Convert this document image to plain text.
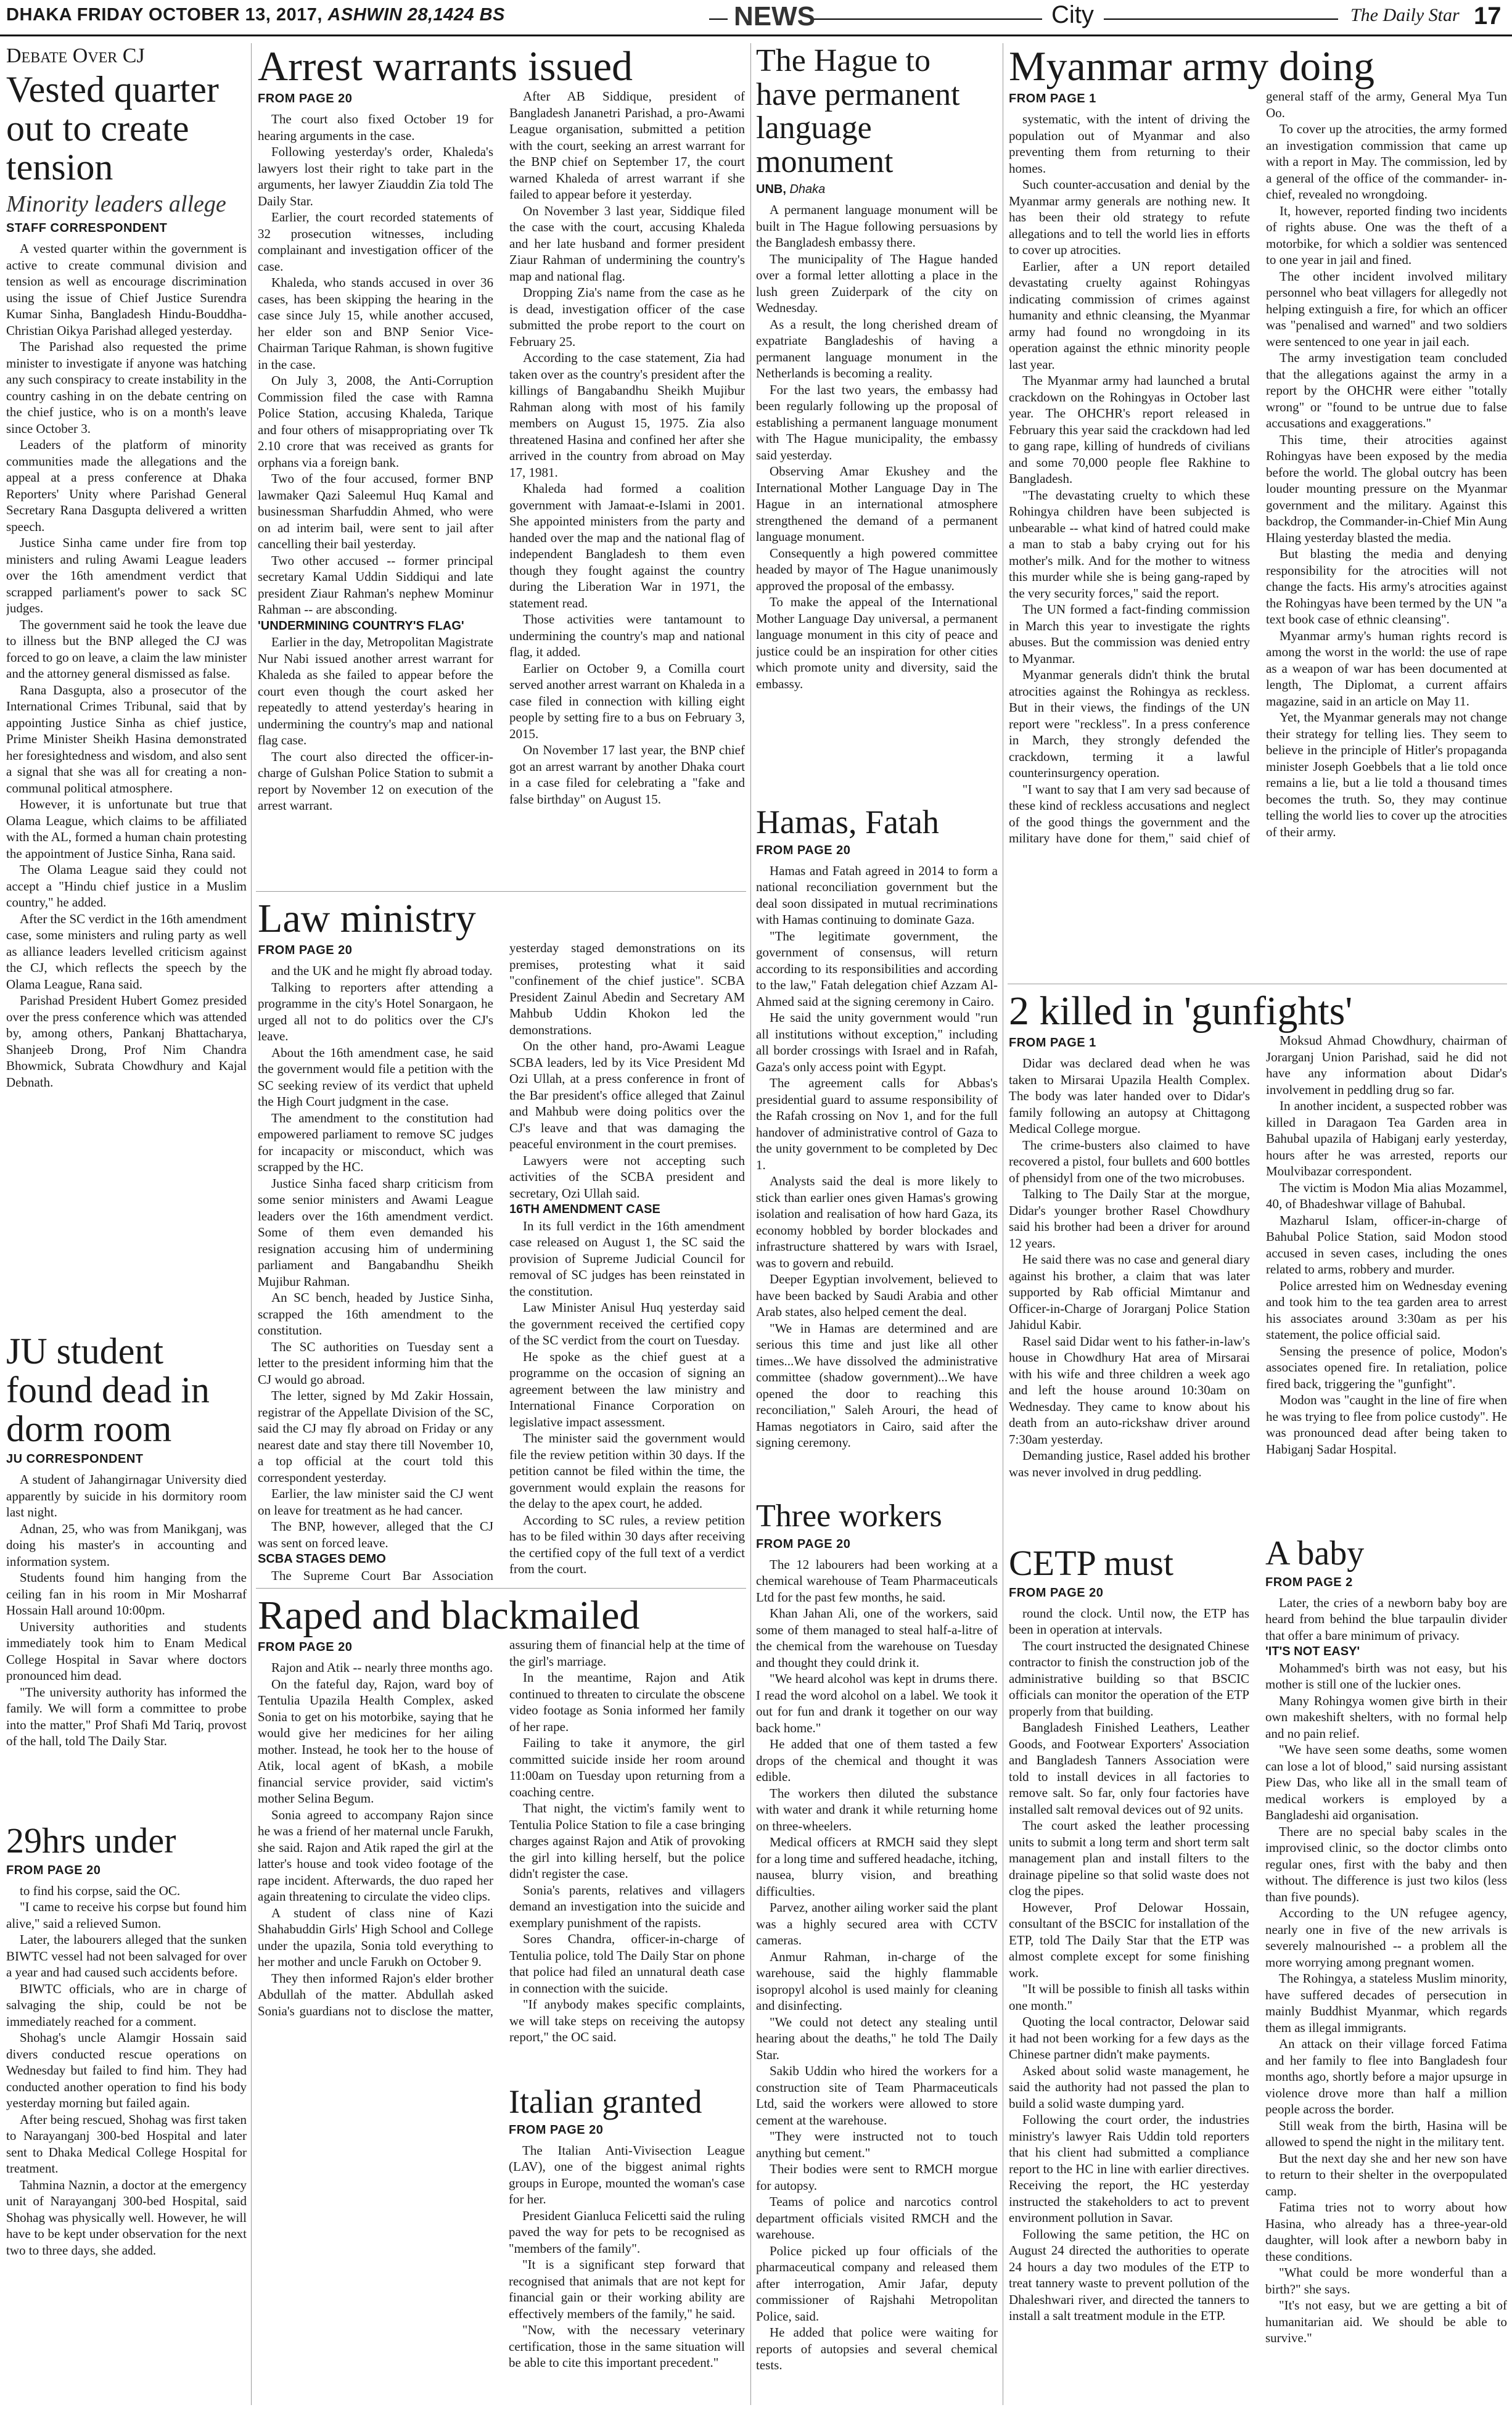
DHAKA FRIDAY OCTOBER 13, 2017, ASHWIN 28,1424 BS	NEWS	City	The Daily Star 17
Debate Over CJ
Vested quarter out to create tension
Minority leaders allege
STAFF CORRESPONDENT

A vested quarter within the government is active to create communal division and tension as well as encourage discrimination using the issue of Chief Justice Surendra Kumar Sinha, Bangladesh Hindu-Bouddha-Christian Oikya Parishad alleged yesterday.

The Parishad also requested the prime minister to investigate if anyone was hatching any such conspiracy to create instability in the country cashing in on the debate centring on the chief justice, who is on a month's leave since October 3.

Leaders of the platform of minority communities made the allegations and the appeal at a press conference at Dhaka Reporters' Unity where Parishad General Secretary Rana Dasgupta delivered a written speech.

Justice Sinha came under fire from top ministers and ruling Awami League leaders over the 16th amendment verdict that scrapped parliament's power to sack SC judges.

The government said he took the leave due to illness but the BNP alleged the CJ was forced to go on leave, a claim the law minister and the attorney general dismissed as false.

Rana Dasgupta, also a prosecutor of the International Crimes Tribunal, said that by appointing Justice Sinha as chief justice, Prime Minister Sheikh Hasina demonstrated her foresightedness and wisdom, and also sent a signal that she was all for creating a non-communal political atmosphere.

However, it is unfortunate but true that Olama League, which claims to be affiliated with the AL, formed a human chain protesting the appointment of Justice Sinha, Rana said.

The Olama League said they could not accept a "Hindu chief justice in a Muslim country," he added.

After the SC verdict in the 16th amendment case, some ministers and ruling party as well as alliance leaders levelled criticism against the CJ, which reflects the speech by the Olama League, Rana said.

Parishad President Hubert Gomez presided over the press conference which was attended by, among others, Pankanj Bhattacharya, Shanjeeb Drong, Prof Nim Chandra Bhowmick, Subrata Chowdhury and Kajal Debnath.

JU student found dead in dorm room
JU CORRESPONDENT

A student of Jahangirnagar University died apparently by suicide in his dormitory room last night.

Adnan, 25, who was from Manikganj, was doing his master's in accounting and information system.

Students found him hanging from the ceiling fan in his room in Mir Mosharraf Hossain Hall around 10:00pm.

University authorities and students immediately took him to Enam Medical College Hospital in Savar where doctors pronounced him dead.

"The university authority has informed the family. We will form a committee to probe into the matter," Prof Shafi Md Tariq, provost of the hall, told The Daily Star.

29hrs under
FROM PAGE 20

to find his corpse, said the OC.

"I came to receive his corpse but found him alive," said a relieved Sumon.

Later, the labourers alleged that the sunken BIWTC vessel had not been salvaged for over a year and had caused such accidents before.

BIWTC officials, who are in charge of salvaging the ship, could be not be immediately reached for a comment.

Shohag's uncle Alamgir Hossain said divers conducted rescue operations on Wednesday but failed to find him. They had conducted another operation to find his body yesterday morning but failed again.

After being rescued, Shohag was first taken to Narayanganj 300-bed Hospital and later sent to Dhaka Medical College Hospital for treatment.

Tahmina Naznin, a doctor at the emergency unit of Narayanganj 300-bed Hospital, said Shohag was physically well. However, he will have to be kept under observation for the next two to three days, she added.

Arrest warrants issued
FROM PAGE 20

The court also fixed October 19 for hearing arguments in the case.

Following yesterday's order, Khaleda's lawyers lost their right to take part in the arguments, her lawyer Ziauddin Zia told The Daily Star.

Earlier, the court recorded statements of 32 prosecution witnesses, including complainant and investigation officer of the case.

Khaleda, who stands accused in over 36 cases, has been skipping the hearing in the case since July 15, while another accused, her elder son and BNP Senior Vice-Chairman Tarique Rahman, is shown fugitive in the case.

On July 3, 2008, the Anti-Corruption Commission filed the case with Ramna Police Station, accusing Khaleda, Tarique and four others of misappropriating over Tk 2.10 crore that was received as grants for orphans via a foreign bank.

Two of the four accused, former BNP lawmaker Qazi Saleemul Huq Kamal and businessman Sharfuddin Ahmed, who were on ad interim bail, were sent to jail after cancelling their bail yesterday.

Two other accused -- former principal secretary Kamal Uddin Siddiqui and late president Ziaur Rahman's nephew Mominur Rahman -- are absconding.

'UNDERMINING COUNTRY'S FLAG'

Earlier in the day, Metropolitan Magistrate Nur Nabi issued another arrest warrant for Khaleda as she failed to appear before the court even though the court asked her repeatedly to attend yesterday's hearing in undermining the country's map and national flag case.

The court also directed the officer-in-charge of Gulshan Police Station to submit a report by November 12 on execution of the arrest warrant.

After AB Siddique, president of Bangladesh Jananetri Parishad, a pro-Awami League organisation, submitted a petition with the court, seeking an arrest warrant for the BNP chief on September 17, the court warned Khaleda of arrest warrant if she failed to appear before it yesterday.

On November 3 last year, Siddique filed the case with the court, accusing Khaleda and her late husband and former president Ziaur Rahman of undermining the country's map and national flag.

Dropping Zia's name from the case as he is dead, investigation officer of the case submitted the probe report to the court on February 25.

According to the case statement, Zia had taken over as the country's president after the killings of Bangabandhu Sheikh Mujibur Rahman along with most of his family members on August 15, 1975. Zia also threatened Hasina and confined her after she arrived in the country from abroad on May 17, 1981.

Khaleda had formed a coalition government with Jamaat-e-Islami in 2001. She appointed ministers from the party and handed over the map and the national flag of independent Bangladesh to them even though they fought against the country during the Liberation War in 1971, the statement read.

Those activities were tantamount to undermining the country's map and national flag, it added.

Earlier on October 9, a Comilla court served another arrest warrant on Khaleda in a case filed in connection with killing eight people by setting fire to a bus on February 3, 2015.

On November 17 last year, the BNP chief got an arrest warrant by another Dhaka court in a case filed for celebrating a "fake and false birthday" on August 15.

Law ministry
FROM PAGE 20

and the UK and he might fly abroad today.

Talking to reporters after attending a programme in the city's Hotel Sonargaon, he urged all not to do politics over the CJ's leave.

About the 16th amendment case, he said the government would file a petition with the SC seeking review of its verdict that upheld the High Court judgment in the case.

The amendment to the constitution had empowered parliament to remove SC judges for incapacity or misconduct, which was scrapped by the HC.

Justice Sinha faced sharp criticism from some senior ministers and Awami League leaders over the 16th amendment verdict. Some of them even demanded his resignation accusing him of undermining parliament and Bangabandhu Sheikh Mujibur Rahman.

An SC bench, headed by Justice Sinha, scrapped the 16th amendment to the constitution.

The SC authorities on Tuesday sent a letter to the president informing him that the CJ would go abroad.

The letter, signed by Md Zakir Hossain, registrar of the Appellate Division of the SC, said the CJ may fly abroad on Friday or any nearest date and stay there till November 10, a top official at the court told this correspondent yesterday.

Earlier, the law minister said the CJ went on leave for treatment as he had cancer.

The BNP, however, alleged that the CJ was sent on forced leave.

SCBA STAGES DEMO

The Supreme Court Bar Association yesterday staged demonstrations on its premises, protesting what it said "confinement of the chief justice". SCBA President Zainul Abedin and Secretary AM Mahbub Uddin Khokon led the demonstrations.

On the other hand, pro-Awami League SCBA leaders, led by its Vice President Md Ozi Ullah, at a press conference in front of the Bar president's office alleged that Zainul and Mahbub were doing politics over the CJ's leave and that was damaging the peaceful environment in the court premises.

Lawyers were not accepting such activities of the SCBA president and secretary, Ozi Ullah said.

16TH AMENDMENT CASE

In its full verdict in the 16th amendment case released on August 1, the SC said the provision of Supreme Judicial Council for removal of SC judges has been reinstated in the constitution.

Law Minister Anisul Huq yesterday said the government received the certified copy of the SC verdict from the court on Tuesday.

He spoke as the chief guest at a programme on the occasion of signing an agreement between the law ministry and International Finance Corporation on legislative impact assessment.

The minister said the government would file the review petition within 30 days. If the petition cannot be filed within the time, the government would explain the reasons for the delay to the apex court, he added.

According to SC rules, a review petition has to be filed within 30 days after receiving the certified copy of the full text of a verdict from the court.

Raped and blackmailed
FROM PAGE 20

Rajon and Atik -- nearly three months ago.

On the fateful day, Rajon, ward boy of Tentulia Upazila Health Complex, asked Sonia to get on his motorbike, saying that he would give her medicines for her ailing mother. Instead, he took her to the house of Atik, local agent of bKash, a mobile financial service provider, said victim's mother Selina Begum.

Sonia agreed to accompany Rajon since he was a friend of her maternal uncle Farukh, she said. Rajon and Atik raped the girl at the latter's house and took video footage of the rape incident. Afterwards, the duo raped her again threatening to circulate the video clips.

A student of class nine of Kazi Shahabuddin Girls' High School and College under the upazila, Sonia told everything to her mother and uncle Farukh on October 9.

They then informed Rajon's elder brother Abdullah of the matter. Abdullah asked Sonia's guardians not to disclose the matter, assuring them of financial help at the time of the girl's marriage.

In the meantime, Rajon and Atik continued to threaten to circulate the obscene video footage as Sonia informed her family of her rape.

Failing to take it anymore, the girl committed suicide inside her room around 11:00am on Tuesday upon returning from a coaching centre.

That night, the victim's family went to Tentulia Police Station to file a case bringing charges against Rajon and Atik of provoking the girl into killing herself, but the police didn't register the case.

Sonia's parents, relatives and villagers demand an investigation into the suicide and exemplary punishment of the rapists.

Sores Chandra, officer-in-charge of Tentulia police, told The Daily Star on phone that police had filed an unnatural death case in connection with the suicide.

"If anybody makes specific complaints, we will take steps on receiving the autopsy report," the OC said.

Italian granted
FROM PAGE 20

The Italian Anti-Vivisection League (LAV), one of the biggest animal rights groups in Europe, mounted the woman's case for her.

President Gianluca Felicetti said the ruling paved the way for pets to be recognised as "members of the family".

"It is a significant step forward that recognised that animals that are not kept for financial gain or their working ability are effectively members of the family," he said.

"Now, with the necessary veterinary certification, those in the same situation will be able to cite this important precedent."

The Hague to have permanent language monument
UNB, Dhaka

A permanent language monument will be built in The Hague following persuasions by the Bangladesh embassy there.

The municipality of The Hague handed over a formal letter allotting a place in the lush green Zuiderpark of the city on Wednesday.

As a result, the long cherished dream of expatriate Bangladeshis of having a permanent language monument in the Netherlands is becoming a reality.

For the last two years, the embassy had been regularly following up the proposal of establishing a permanent language monument with The Hague municipality, the embassy said yesterday.

Observing Amar Ekushey and the International Mother Language Day in The Hague in an international atmosphere strengthened the demand of a permanent language monument.

Consequently a high powered committee headed by mayor of The Hague unanimously approved the proposal of the embassy.

To make the appeal of the International Mother Language Day universal, a permanent language monument in this city of peace and justice could be an inspiration for other cities which promote unity and diversity, said the embassy.

Hamas, Fatah
FROM PAGE 20

Hamas and Fatah agreed in 2014 to form a national reconciliation government but the deal soon dissipated in mutual recriminations with Hamas continuing to dominate Gaza.

"The legitimate government, the government of consensus, will return according to its responsibilities and according to the law," Fatah delegation chief Azzam Al-Ahmed said at the signing ceremony in Cairo.

He said the unity government would "run all institutions without exception," including all border crossings with Israel and in Rafah, Gaza's only access point with Egypt.

The agreement calls for Abbas's presidential guard to assume responsibility of the Rafah crossing on Nov 1, and for the full handover of administrative control of Gaza to the unity government to be completed by Dec 1.

Analysts said the deal is more likely to stick than earlier ones given Hamas's growing isolation and realisation of how hard Gaza, its economy hobbled by border blockades and infrastructure shattered by wars with Israel, was to govern and rebuild.

Deeper Egyptian involvement, believed to have been backed by Saudi Arabia and other Arab states, also helped cement the deal.

"We in Hamas are determined and are serious this time and just like all other times...We have dissolved the administrative committee (shadow government)...We have opened the door to reaching this reconciliation," Saleh Arouri, the head of Hamas negotiators in Cairo, said after the signing ceremony.

Three workers
FROM PAGE 20

The 12 labourers had been working at a chemical warehouse of Team Pharmaceuticals Ltd for the past few months, he said.

Khan Jahan Ali, one of the workers, said some of them managed to steal half-a-litre of the chemical from the warehouse on Tuesday and thought they could drink it.

"We heard alcohol was kept in drums there. I read the word alcohol on a label. We took it out for fun and drank it together on our way back home."

He added that one of them tasted a few drops of the chemical and thought it was edible.

The workers then diluted the substance with water and drank it while returning home on three-wheelers.

Medical officers at RMCH said they slept for a long time and suffered headache, itching, nausea, blurry vision, and breathing difficulties.

Parvez, another ailing worker said the plant was a highly secured area with CCTV cameras.

Anmur Rahman, in-charge of the warehouse, said the highly flammable isopropyl alcohol is used mainly for cleaning and disinfecting.

"We could not detect any stealing until hearing about the deaths," he told The Daily Star.

Sakib Uddin who hired the workers for a construction site of Team Pharmaceuticals Ltd, said the workers were allowed to store cement at the warehouse.

"They were instructed not to touch anything but cement."

Their bodies were sent to RMCH morgue for autopsy.

Teams of police and narcotics control department officials visited RMCH and the warehouse.

Police picked up four officials of the pharmaceutical company and released them after interrogation, Amir Jafar, deputy commissioner of Rajshahi Metropolitan Police, said.

He added that police were waiting for reports of autopsies and several chemical tests.

Myanmar army doing
FROM PAGE 1

systematic, with the intent of driving the population out of Myanmar and also preventing them from returning to their homes.

Such counter-accusation and denial by the Myanmar army generals are nothing new. It has been their old strategy to refute allegations and to tell the world lies in efforts to cover up atrocities.

Earlier, after a UN report detailed devastating cruelty against Rohingyas indicating commission of crimes against humanity and ethnic cleansing, the Myanmar army had found no wrongdoing in its operation against the ethnic minority people last year.

The Myanmar army had launched a brutal crackdown on the Rohingyas in October last year. The OHCHR's report released in February this year said the crackdown had led to gang rape, killing of hundreds of civilians and some 70,000 people flee Rakhine to Bangladesh.

"The devastating cruelty to which these Rohingya children have been subjected is unbearable -- what kind of hatred could make a man to stab a baby crying out for his mother's milk. And for the mother to witness this murder while she is being gang-raped by the very security forces," said the report.

The UN formed a fact-finding commission in March this year to investigate the rights abuses. But the commission was denied entry to Myanmar.

Myanmar generals didn't think the brutal atrocities against the Rohingya as reckless. But in their views, the findings of the UN report were "reckless". In a press conference in March, they strongly defended the crackdown, terming it a lawful counterinsurgency operation.

"I want to say that I am very sad because of these kind of reckless accusations and neglect of the good things the government and the military have done for them," said chief of general staff of the army, General Mya Tun Oo.

To cover up the atrocities, the army formed an investigation commission that came up with a report in May. The commission, led by a general of the office of the commander- in-chief, revealed no wrongdoing.

It, however, reported finding two incidents of rights abuse. One was the theft of a motorbike, for which a soldier was sentenced to one year in jail and fined.

The other incident involved military personnel who beat villagers for allegedly not helping extinguish a fire, for which an officer was "penalised and warned" and two soldiers were sentenced to one year in jail each.

The army investigation team concluded that the allegations against the army in a report by the OHCHR were either "totally wrong" or "found to be untrue due to false accusations and exaggerations."

This time, their atrocities against Rohingyas have been exposed by the media before the world. The global outcry has been louder mounting pressure on the Myanmar government and the military. Against this backdrop, the Commander-in-Chief Min Aung Hlaing yesterday blasted the media.

But blasting the media and denying responsibility for the atrocities will not change the facts. His army's atrocities against the Rohingyas have been termed by the UN "a text book case of ethnic cleansing".

Myanmar army's human rights record is among the worst in the world: the use of rape as a weapon of war has been documented at length, The Diplomat, a current affairs magazine, said in an article on May 11.

Yet, the Myanmar generals may not change their strategy for telling lies. They seem to believe in the principle of Hitler's propaganda minister Joseph Goebbels that a lie told once remains a lie, but a lie told a thousand times becomes the truth. So, they may continue telling the world lies to cover up the atrocities of their army.

2 killed in 'gunfights'
FROM PAGE 1

Didar was declared dead when he was taken to Mirsarai Upazila Health Complex. The body was later handed over to Didar's family following an autopsy at Chittagong Medical College morgue.

The crime-busters also claimed to have recovered a pistol, four bullets and 600 bottles of phensidyl from one of the two microbuses.

Talking to The Daily Star at the morgue, Didar's younger brother Rasel Chowdhury said his brother had been a driver for around 12 years.

He said there was no case and general diary against his brother, a claim that was later supported by Rab official Mimtanur and Officer-in-Charge of Jorarganj Police Station Jahidul Kabir.

Rasel said Didar went to his father-in-law's house in Chowdhury Hat area of Mirsarai with his wife and three children a week ago and left the house around 10:30am on Wednesday. They came to know about his death from an auto-rickshaw driver around 7:30am yesterday.

Demanding justice, Rasel added his brother was never involved in drug peddling.

Moksud Ahmad Chowdhury, chairman of Jorarganj Union Parishad, said he did not have any information about Didar's involvement in peddling drug so far.

In another incident, a suspected robber was killed in Daragaon Tea Garden area in Bahubal upazila of Habiganj early yesterday, hours after he was arrested, reports our Moulvibazar correspondent.

The victim is Modon Mia alias Mozammel, 40, of Bhadeshwar village of Bahubal.

Mazharul Islam, officer-in-charge of Bahubal Police Station, said Modon stood accused in seven cases, including the ones related to arms, robbery and murder.

Police arrested him on Wednesday evening and took him to the tea garden area to arrest his associates around 3:30am as per his statement, the police official said.

Sensing the presence of police, Modon's associates opened fire. In retaliation, police fired back, triggering the "gunfight".

Modon was "caught in the line of fire when he was trying to flee from police custody". He was pronounced dead after being taken to Habiganj Sadar Hospital.

CETP must
FROM PAGE 20

round the clock. Until now, the ETP has been in operation at intervals.

The court instructed the designated Chinese contractor to finish the construction job of the administrative building so that BSCIC officials can monitor the operation of the ETP properly from that building.

Bangladesh Finished Leathers, Leather Goods, and Footwear Exporters' Association and Bangladesh Tanners Association were told to install devices in all factories to remove salt. So far, only four factories have installed salt removal devices out of 92 units.

The court asked the leather processing units to submit a long term and short term salt management plan and install filters to the drainage pipeline so that solid waste does not clog the pipes.

However, Prof Delowar Hossain, consultant of the BSCIC for installation of the ETP, told The Daily Star that the ETP was almost complete except for some finishing work.

"It will be possible to finish all tasks within one month."

Quoting the local contractor, Delowar said it had not been working for a few days as the Chinese partner didn't make payments.

Asked about solid waste management, he said the authority had not passed the plan to build a solid waste dumping yard.

Following the court order, the industries ministry's lawyer Rais Uddin told reporters that his client had submitted a compliance report to the HC in line with earlier directives. Receiving the report, the HC yesterday instructed the stakeholders to act to prevent environment pollution in Savar.

Following the same petition, the HC on August 24 directed the authorities to operate 24 hours a day two modules of the ETP to treat tannery waste to prevent pollution of the Dhaleshwari river, and directed the tanners to install a salt treatment module in the ETP.

A baby
FROM PAGE 2

Later, the cries of a newborn baby boy are heard from behind the blue tarpaulin divider that offer a bare minimum of privacy.

'IT'S NOT EASY'

Mohammed's birth was not easy, but his mother is still one of the luckier ones.

Many Rohingya women give birth in their own makeshift shelters, with no formal help and no pain relief.

"We have seen some deaths, some women can lose a lot of blood," said nursing assistant Piew Das, who like all in the small team of medical workers is employed by a Bangladeshi aid organisation.

There are no special baby scales in the improvised clinic, so the doctor climbs onto regular ones, first with the baby and then without. The difference is just two kilos (less than five pounds).

According to the UN refugee agency, nearly one in five of the new arrivals is severely malnourished -- a problem all the more worrying among pregnant women.

The Rohingya, a stateless Muslim minority, have suffered decades of persecution in mainly Buddhist Myanmar, which regards them as illegal immigrants.

An attack on their village forced Fatima and her family to flee into Bangladesh four months ago, shortly before a major upsurge in violence drove more than half a million people across the border.

Still weak from the birth, Hasina will be allowed to spend the night in the military tent.

But the next day she and her new son have to return to their shelter in the overpopulated camp.

Fatima tries not to worry about how Hasina, who already has a three-year-old daughter, will look after a newborn baby in these conditions.

"What could be more wonderful than a birth?" she says.

"It's not easy, but we are getting a bit of humanitarian aid. We should be able to survive."
